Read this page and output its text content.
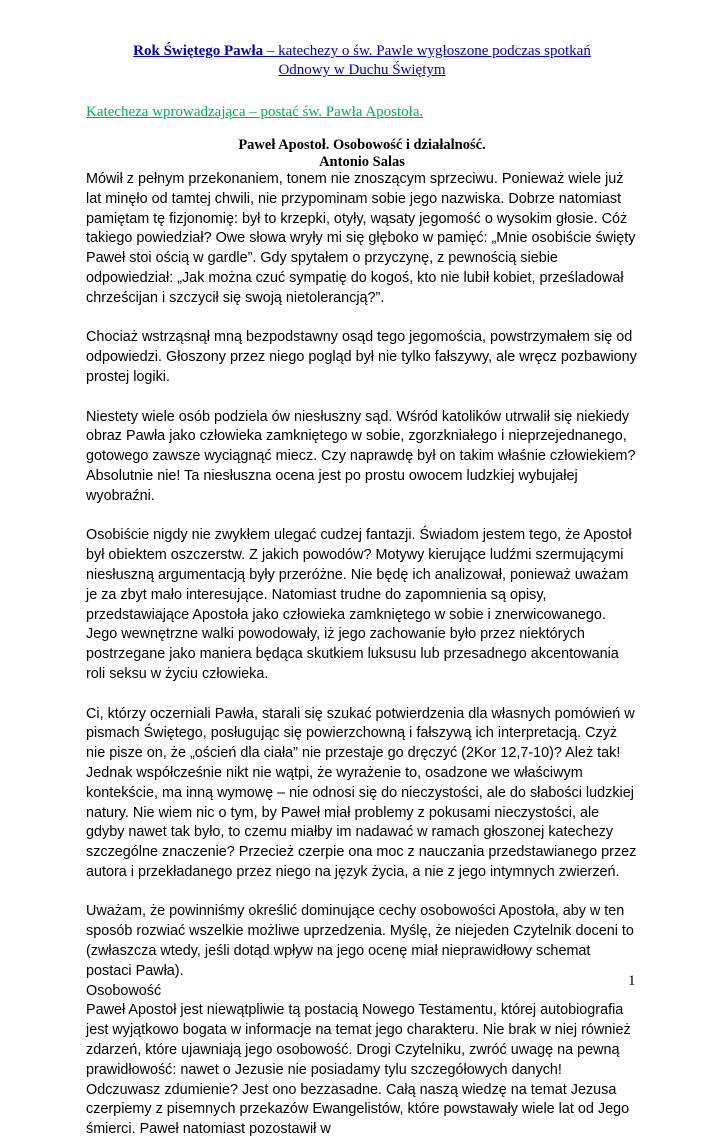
Rok Świętego Pawła – katechezy o św. Pawle wygłoszone podczas spotkań
Odnowy w Duchu Świętym
Katecheza wprowadzająca – postać św. Pawła Apostoła.
Paweł Apostoł. Osobowość i działalność.
Antonio Salas

Mówił z pełnym przekonaniem, tonem nie znoszącym sprzeciwu. Ponieważ wiele już lat minęło od tamtej chwili, nie przypominam sobie jego nazwiska. Dobrze natomiast pamiętam tę fizjonomię: był to krzepki, otyły, wąsaty jegomość o wysokim głosie. Cóż takiego powiedział? Owe słowa wryły mi się głęboko w pamięć: „Mnie osobiście święty Paweł stoi ością w gardle”. Gdy spytałem o przyczynę, z pewnością siebie odpowiedział: „Jak można czuć sympatię do kogoś, kto nie lubił kobiet, prześladował chrześcijan i szczycił się swoją nietolerancją?”.

Chociaż wstrząsnął mną bezpodstawny osąd tego jegomościa, powstrzymałem się od odpowiedzi. Głoszony przez niego pogląd był nie tylko fałszywy, ale wręcz pozbawiony prostej logiki.

Niestety wiele osób podziela ów niesłuszny sąd. Wśród katolików utrwalił się niekiedy obraz Pawła jako człowieka zamkniętego w sobie, zgorzkniałego i nieprzejednanego, gotowego zawsze wyciągnąć miecz. Czy naprawdę był on takim właśnie człowiekiem? Absolutnie nie! Ta niesłuszna ocena jest po prostu owocem ludzkiej wybujałej wyobraźni.

Osobiście nigdy nie zwykłem ulegać cudzej fantazji. Świadom jestem tego, że Apostoł był obiektem oszczerstw. Z jakich powodów? Motywy kierujące ludźmi szermującymi niesłuszną argumentacją były przeróżne. Nie będę ich analizował, ponieważ uważam je za zbyt mało interesujące. Natomiast trudne do zapomnienia są opisy, przedstawiające Apostoła jako człowieka zamkniętego w sobie i znerwicowanego. Jego wewnętrzne walki powodowały, iż jego zachowanie było przez niektórych postrzegane jako maniera będąca skutkiem luksusu lub przesadnego akcentowania roli seksu w życiu człowieka.

Ci, którzy oczerniali Pawła, starali się szukać potwierdzenia dla własnych pomówień w pismach Świętego, posługując się powierzchowną i fałszywą ich interpretacją. Czyż nie pisze on, że „oścień dla ciała” nie przestaje go dręczyć (2Kor 12,7-10)? Ależ tak! Jednak współcześnie nikt nie wątpi, że wyrażenie to, osadzone we właściwym kontekście, ma inną wymowę – nie odnosi się do nieczystości, ale do słabości ludzkiej natury. Nie wiem nic o tym, by Paweł miał problemy z pokusami nieczystości, ale gdyby nawet tak było, to czemu miałby im nadawać w ramach głoszonej katechezy szczególne znaczenie? Przecież czerpie ona moc z nauczania przedstawianego przez autora i przekładanego przez niego na język życia, a nie z jego intymnych zwierzeń.

Uważam, że powinniśmy określić dominujące cechy osobowości Apostoła, aby w ten sposób rozwiać wszelkie możliwe uprzedzenia. Myślę, że niejeden Czytelnik doceni to (zwłaszcza wtedy, jeśli dotąd wpływ na jego ocenę miał nieprawidłowy schemat postaci Pawła).

Osobowość

Paweł Apostoł jest niewątpliwie tą postacią Nowego Testamentu, której autobiografia jest wyjątkowo bogata w informacje na temat jego charakteru. Nie brak w niej również zdarzeń, które ujawniają jego osobowość. Drogi Czytelniku, zwróć uwagę na pewną prawidłowość: nawet o Jezusie nie posiadamy tylu szczegółowych danych! Odczuwasz zdumienie? Jest ono bezzasadne. Całą naszą wiedzę na temat Jezusa czerpiemy z pisemnych przekazów Ewangelistów, które powstawały wiele lat od Jego śmierci. Paweł natomiast pozostawił w

1
